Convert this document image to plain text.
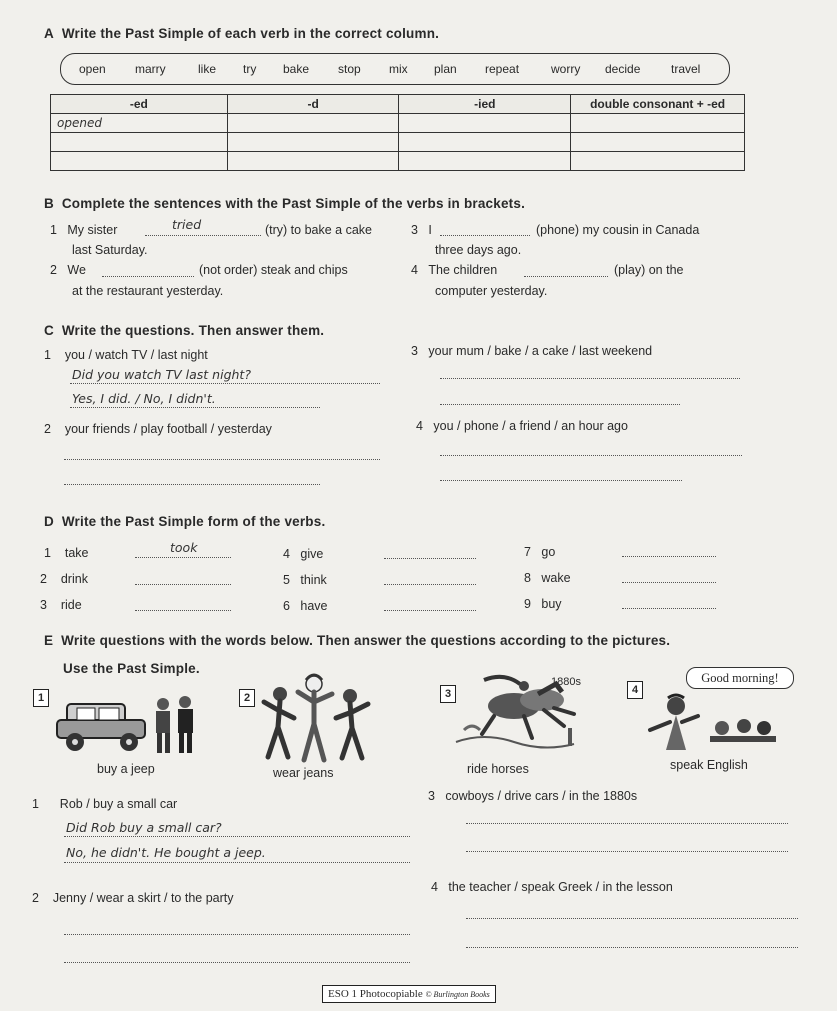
A Write the Past Simple of each verb in the correct column.
open marry	like try bake stop mix plan repeat	worry decide	travel
-ed	-d	-ied	double consonant + -ed
opened			

B Complete the sentences with the Past Simple of the verbs in brackets.
1 My sister	tried	(try) to bake a cake
last Saturday.
2 We	(not order) steak and chips
at the restaurant yesterday.
3 I	(phone) my cousin in Canada
three days ago.
4 The children	(play) on the
computer yesterday.
C Write the questions. Then answer them.
1 you / watch TV / last night
Did you watch TV last night?
Yes, I did. / No, I didn't.
3 your mum / bake / a cake / last weekend
2 your friends / play football / yesterday	4 you / phone / a friend / an hour ago
D Write the Past Simple form of the verbs.
1 take	took
2 drink
3 ride
4 give
5 think
6 have
7 go
8 wake
9 buy
E Write questions with the words below. Then answer the questions according to the pictures.
Use the Past Simple.
1
buy a jeep
2
wear jeans
3
1880s
ride horses
4
Good morning!
speak English
1 Rob / buy a small car
Did Rob buy a small car?
No, he didn't. He bought a jeep.
3 cowboys / drive cars / in the 1880s
2 Jenny / wear a skirt / to the party
4 the teacher / speak Greek / in the lesson
ESO 1 Photocopiable © Burlington Books
